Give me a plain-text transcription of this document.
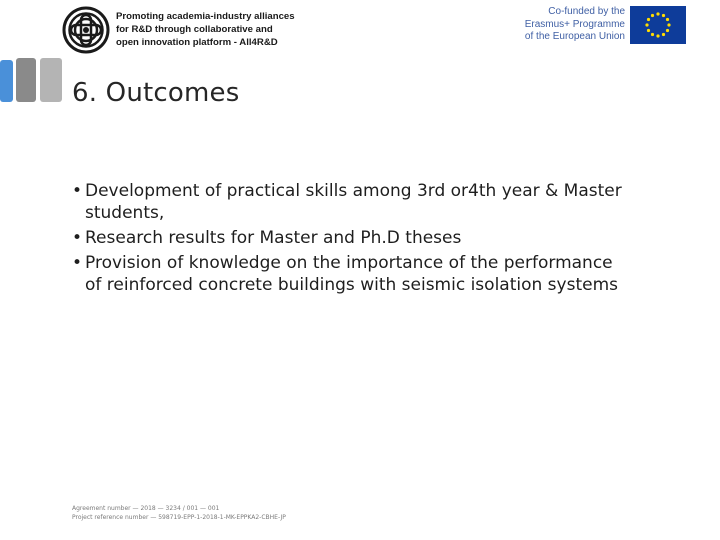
Promoting academia-industry alliances
for R&D through collaborative and
open innovation platform - All4R&D
Co-funded by the
Erasmus+ Programme
of the European Union
6. Outcomes
• Development of practical skills among 3rd or4th year & Master
students,
• Research results for Master and Ph.D theses
• Provision of knowledge on the importance of the performance
of reinforced concrete buildings with seismic isolation systems
Agreement number — 2018 — 3234 / 001 — 001
Project reference number — 598719-EPP-1-2018-1-MK-EPPKA2-CBHE-JP
